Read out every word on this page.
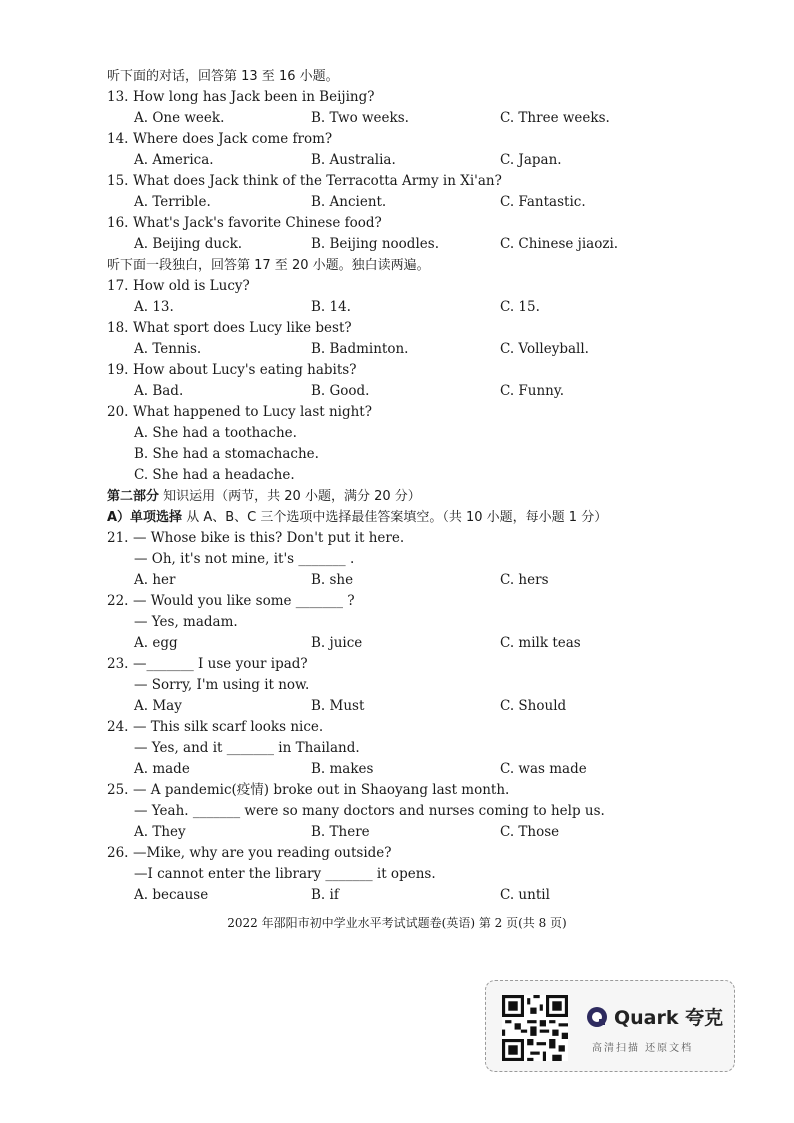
听下面的对话，回答第 13 至 16 小题。
13. How long has Jack been in Beijing?
A. One week.	B. Two weeks.	C. Three weeks.
14. Where does Jack come from?
A. America.	B. Australia.	C. Japan.
15. What does Jack think of the Terracotta Army in Xi'an?
A. Terrible.	B. Ancient.	C. Fantastic.
16. What's Jack's favorite Chinese food?
A. Beijing duck.	B. Beijing noodles.	C. Chinese jiaozi.
听下面一段独白，回答第 17 至 20 小题。独白读两遍。
17. How old is Lucy?
A. 13.	B. 14.	C. 15.
18. What sport does Lucy like best?
A. Tennis.	B. Badminton.	C. Volleyball.
19. How about Lucy's eating habits?
A. Bad.	B. Good.	C. Funny.
20. What happened to Lucy last night?
A. She had a toothache.
B. She had a stomachache.
C. She had a headache.
第二部分 知识运用（两节，共 20 小题，满分 20 分）
A）单项选择 从 A、B、C 三个选项中选择最佳答案填空。（共 10 小题，每小题 1 分）
21. — Whose bike is this? Don't put it here.
— Oh, it's not mine, it's _______ .
A. her	B. she	C. hers
22. — Would you like some _______ ?
— Yes, madam.
A. egg	B. juice	C. milk teas
23. —_______ I use your ipad?
— Sorry, I'm using it now.
A. May	B. Must	C. Should
24. — This silk scarf looks nice.
— Yes, and it _______ in Thailand.
A. made	B. makes	C. was made
25. — A pandemic(疫情) broke out in Shaoyang last month.
— Yeah. _______ were so many doctors and nurses coming to help us.
A. They	B. There	C. Those
26. —Mike, why are you reading outside?
—I cannot enter the library _______ it opens.
A. because	B. if	C. until
2022 年邵阳市初中学业水平考试试题卷(英语) 第 2 页(共 8 页)
Quark 夸克
高清扫描 还原文档
